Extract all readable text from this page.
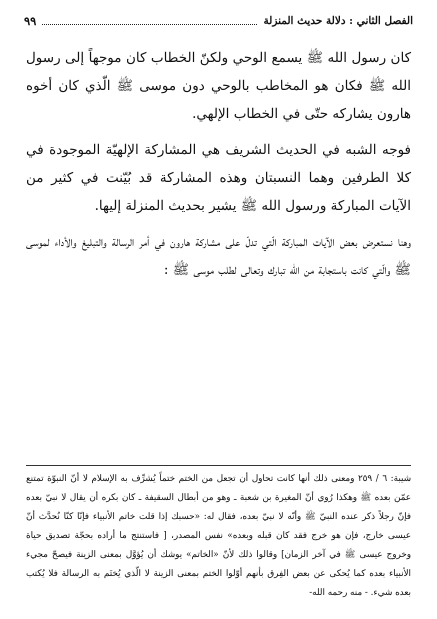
الفصل الثاني : دلالة حديث المنزلة
٩٩

كان رسول الله ﷺ يسمع الوحي ولكنّ الخطاب كان موجهاً إلى رسول الله ﷺ فكان هو المخاطب بالوحي دون موسى ﷺ الّذي كان أخوه هارون يشاركه حتّى في الخطاب الإلهي.

فوجه الشبه في الحديث الشريف هي المشاركة الإلهيّة الموجودة في كلا الطرفين وهما النسبتان وهذه المشاركة قد بُيّنت في كثير من الآيات المباركة ورسول الله ﷺ يشير بحديث المنزلة إليها.

وهنا نستعرض بعض الآيات المباركة الّتي تدلّ على مشاركة هارون في أمر الرسالة والتبليغ والأداء لموسى ﷺ والّتي كانت باستجابة من الله تبارك وتعالى لطلب موسى ﷺ :

شيبة: ٦ / ٢٥٩ ومعنى ذلك أنها كانت تحاول أن تجعل من الختم ختماً يُشرِّف به الإسلام لا أنّ النبوّة تمتنع عمّن بعده ﷺ وهكذا رُوي أنّ المغيرة بن شعبة ـ وهو من أبطال السقيفة ـ كان بكره أن يقال لا نبيّ بعده فإنّ رجلاً ذكر عنده النبيّ ﷺ وأنّه لا نبيّ بعده، فقال له: «حسبك إذا قلت خاتم الأنبياء فإنّا كنّا نُحدَّث أنّ عيسى خارج، فإن هو خرج فقد كان قبله وبعده» نفس المصدر، [ فاستنتج ما أراده بحجّة تصديق حياة وخروج عيسى ﷺ في آخر الزمان] وقالوا ذلك لأنّ «الخاتم» يوشك أن يُؤوَّل بمعنى الزينة فيصحّ مجيء الأنبياء بعده كما يُحكى عن بعض الفِرق بأنهم أوّلوا الختم بمعنى الزينة لا الّذي يُختَم به الرسالة فلا يُكتب بعده شيء. - منه رحمه الله-
